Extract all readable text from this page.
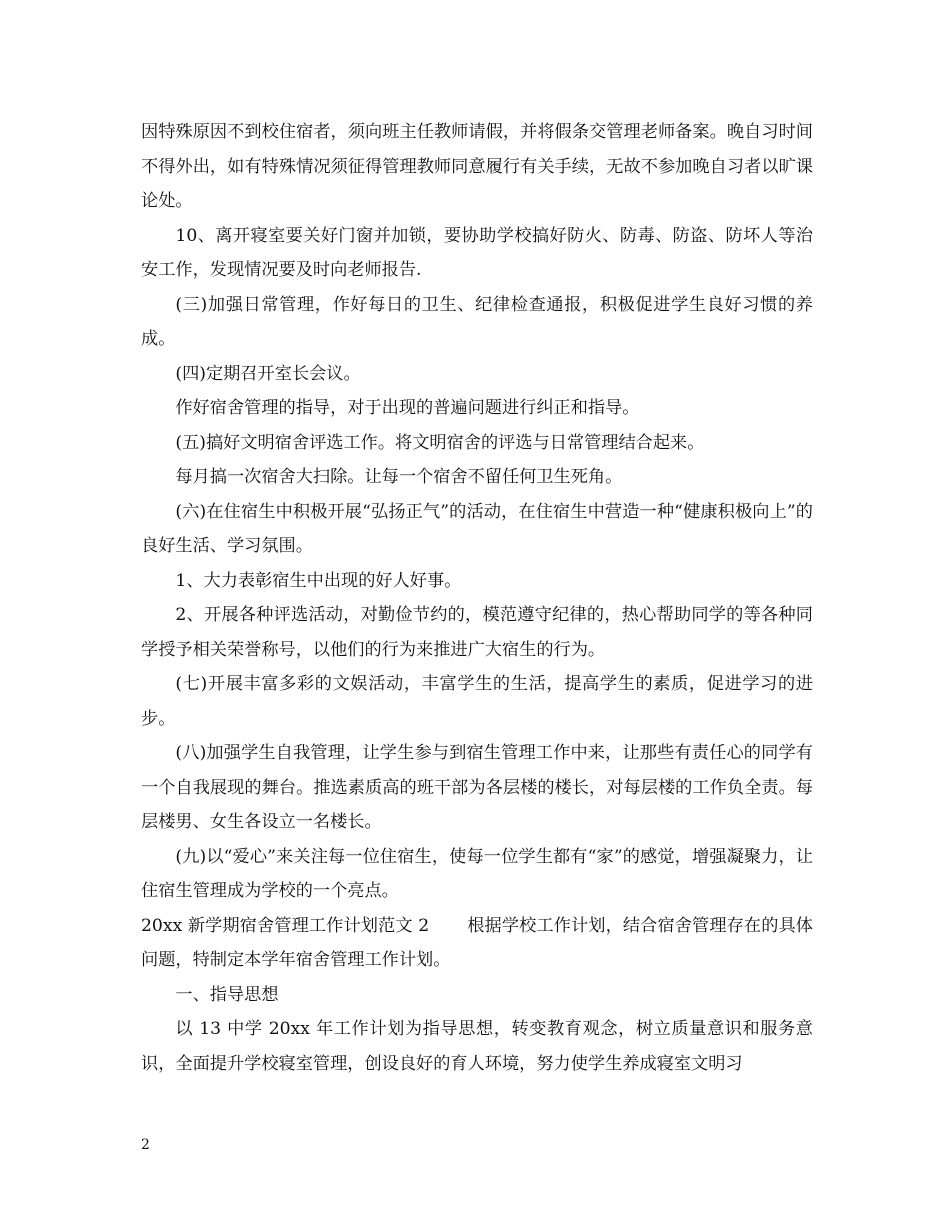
因特殊原因不到校住宿者，须向班主任教师请假，并将假条交管理老师备案。晚自习时间不得外出，如有特殊情况须征得管理教师同意履行有关手续，无故不参加晚自习者以旷课论处。

10、离开寝室要关好门窗并加锁，要协助学校搞好防火、防毒、防盗、防坏人等治安工作，发现情况要及时向老师报告.

(三)加强日常管理，作好每日的卫生、纪律检查通报，积极促进学生良好习惯的养成。

(四)定期召开室长会议。

作好宿舍管理的指导，对于出现的普遍问题进行纠正和指导。

(五)搞好文明宿舍评选工作。将文明宿舍的评选与日常管理结合起来。

每月搞一次宿舍大扫除。让每一个宿舍不留任何卫生死角。

(六)在住宿生中积极开展“弘扬正气”的活动，在住宿生中营造一种“健康积极向上”的良好生活、学习氛围。

1、大力表彰宿生中出现的好人好事。

2、开展各种评选活动，对勤俭节约的，模范遵守纪律的，热心帮助同学的等各种同学授予相关荣誉称号，以他们的行为来推进广大宿生的行为。

(七)开展丰富多彩的文娱活动，丰富学生的生活，提高学生的素质，促进学习的进步。

(八)加强学生自我管理，让学生参与到宿生管理工作中来，让那些有责任心的同学有一个自我展现的舞台。推选素质高的班干部为各层楼的楼长，对每层楼的工作负全责。每层楼男、女生各设立一名楼长。

(九)以“爱心”来关注每一位住宿生，使每一位学生都有“家”的感觉，增强凝聚力，让住宿生管理成为学校的一个亮点。

20xx 新学期宿舍管理工作计划范文 2 根据学校工作计划，结合宿舍管理存在的具体问题，特制定本学年宿舍管理工作计划。

一、指导思想

以 13 中学 20xx 年工作计划为指导思想，转变教育观念，树立质量意识和服务意识，全面提升学校寝室管理，创设良好的育人环境，努力使学生养成寝室文明习

2
